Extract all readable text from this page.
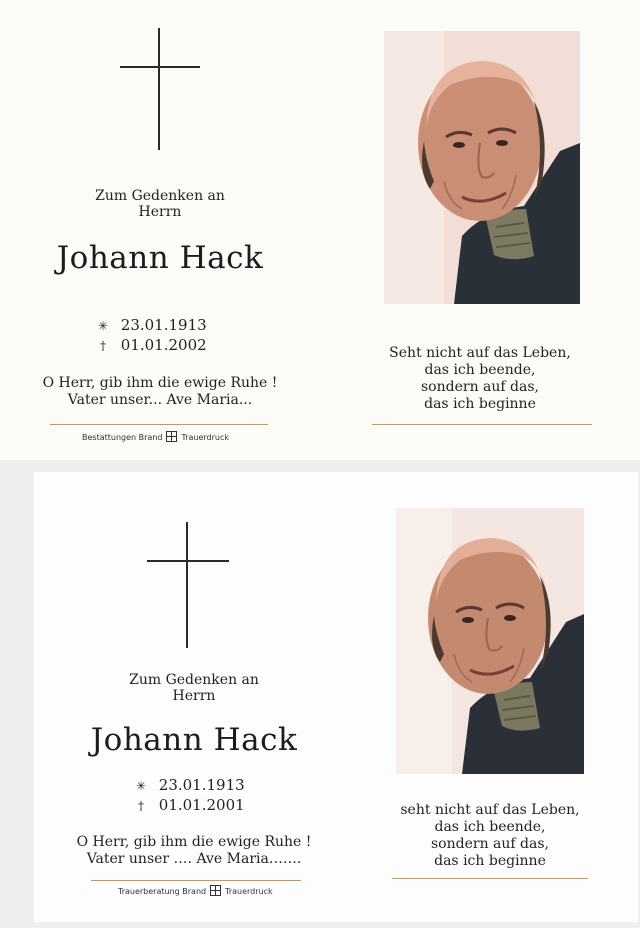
Zum Gedenken an
Herrn
Johann Hack
✳ 23.01.1913
† 01.01.2002
O Herr, gib ihm die ewige Ruhe !
Vater unser... Ave Maria...
Bestattungen Brand Trauerdruck
Seht nicht auf das Leben,
das ich beende,
sondern auf das,
das ich beginne
Zum Gedenken an
Herrn
Johann Hack
✳ 23.01.1913
† 01.01.2001
O Herr, gib ihm die ewige Ruhe !
Vater unser …. Ave Maria…….
Trauerberatung Brand Trauerdruck
seht nicht auf das Leben,
das ich beende,
sondern auf das,
das ich beginne
